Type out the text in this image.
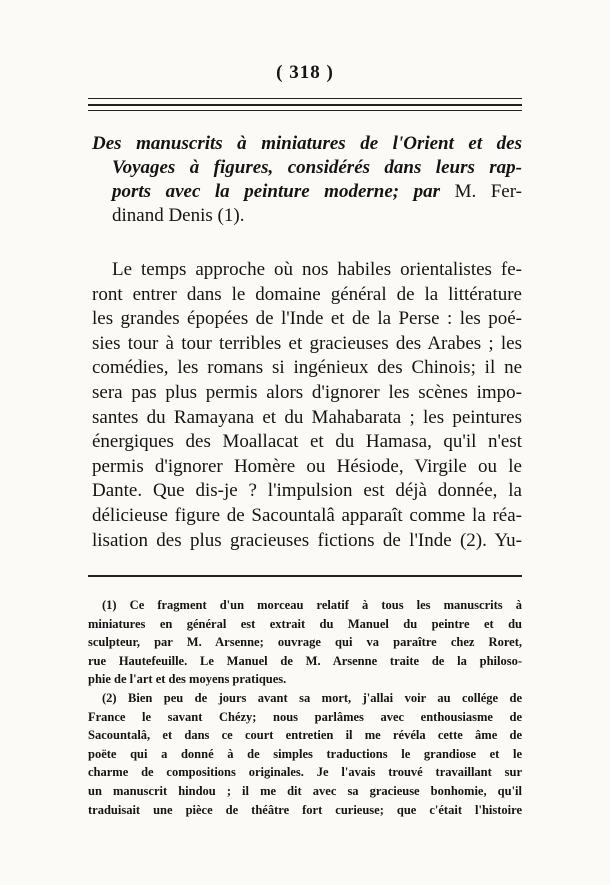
( 318 )
Des manuscrits à miniatures de l'Orient et des
Voyages à figures, considérés dans leurs rap-
ports avec la peinture moderne; par M. Fer-
dinand Denis (1).
Le temps approche où nos habiles orientalistes fe-
ront entrer dans le domaine général de la littérature
les grandes épopées de l'Inde et de la Perse : les poé-
sies tour à tour terribles et gracieuses des Arabes ; les
comédies, les romans si ingénieux des Chinois; il ne
sera pas plus permis alors d'ignorer les scènes impo-
santes du Ramayana et du Mahabarata ; les peintures
énergiques des Moallacat et du Hamasa, qu'il n'est
permis d'ignorer Homère ou Hésiode, Virgile ou le
Dante. Que dis-je ? l'impulsion est déjà donnée, la
délicieuse figure de Sacountalâ apparaît comme la réa-
lisation des plus gracieuses fictions de l'Inde (2). Yu-
(1) Ce fragment d'un morceau relatif à tous les manuscrits à
miniatures en général est extrait du Manuel du peintre et du
sculpteur, par M. Arsenne; ouvrage qui va paraître chez Roret,
rue Hautefeuille. Le Manuel de M. Arsenne traite de la philoso-
phie de l'art et des moyens pratiques.
(2) Bien peu de jours avant sa mort, j'allai voir au collége de
France le savant Chézy; nous parlâmes avec enthousiasme de
Sacountalâ, et dans ce court entretien il me révéla cette âme de
poëte qui a donné à de simples traductions le grandiose et le
charme de compositions originales. Je l'avais trouvé travaillant sur
un manuscrit hindou ; il me dit avec sa gracieuse bonhomie, qu'il
traduisait une pièce de théâtre fort curieuse; que c'était l'histoire
